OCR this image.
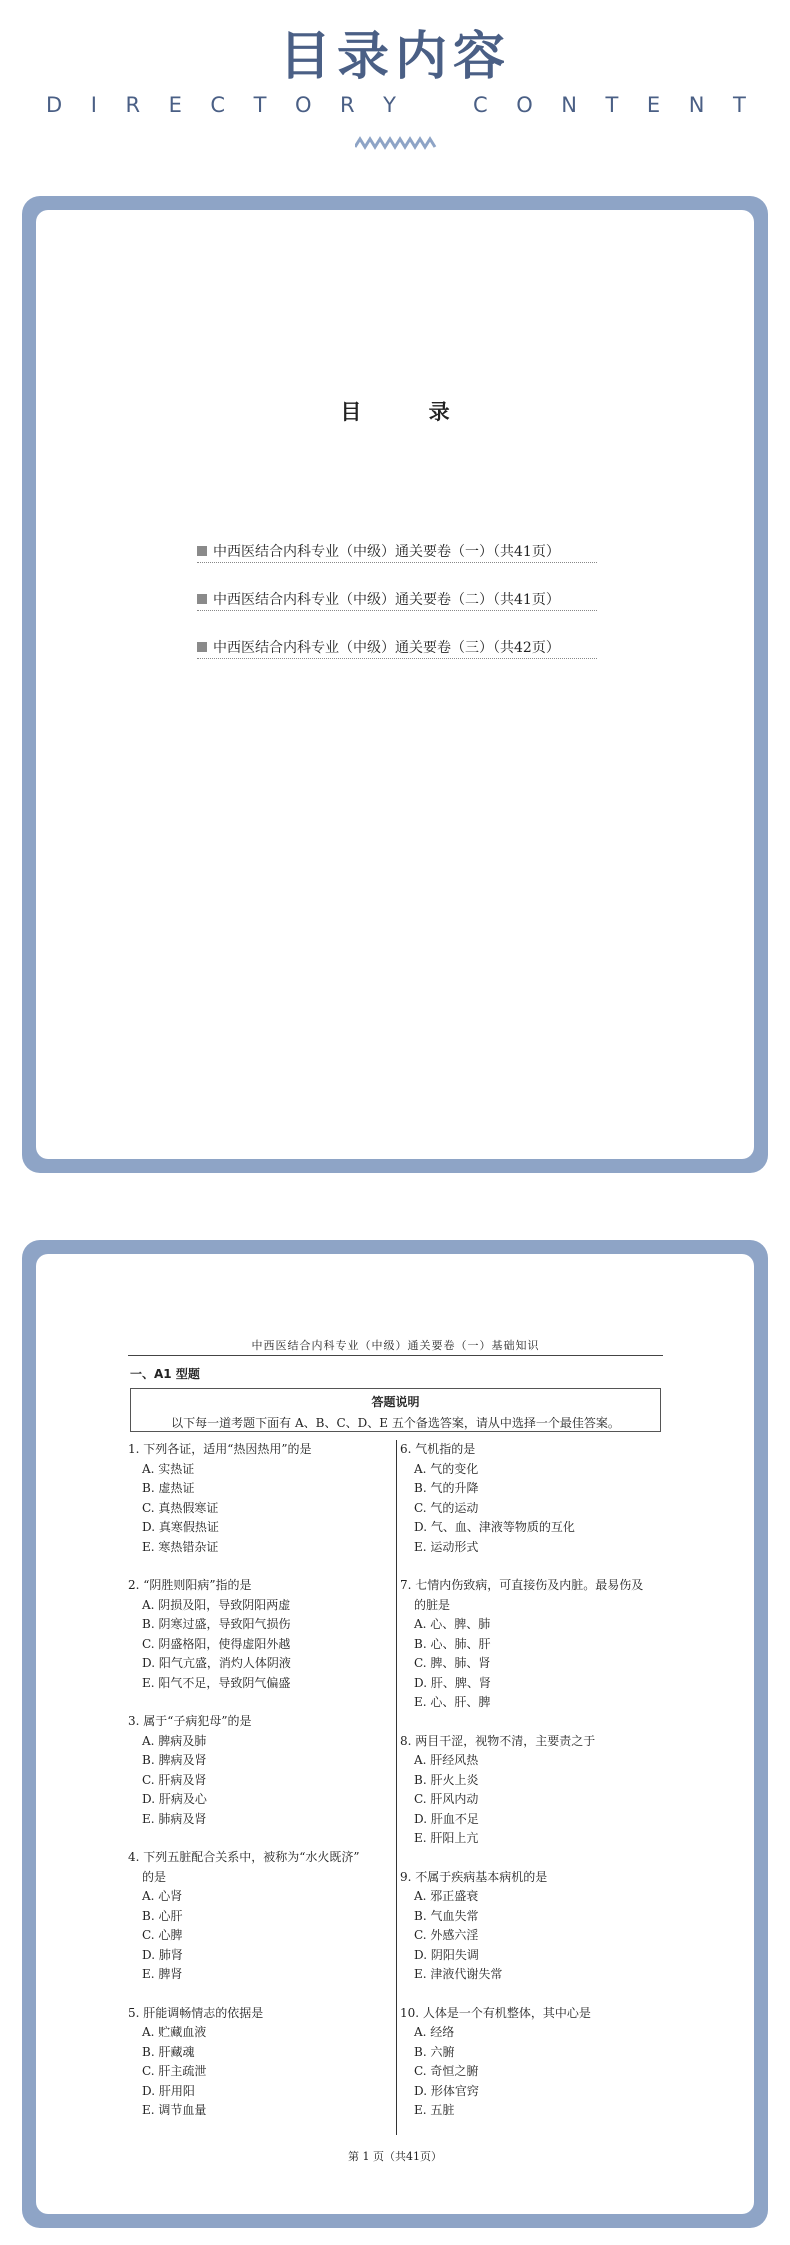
目录内容
D I R E C T O R Y	C O N T E N T
目 录
中西医结合内科专业（中级）通关要卷（一）（共41页）
中西医结合内科专业（中级）通关要卷（二）（共41页）
中西医结合内科专业（中级）通关要卷（三）（共42页）
中西医结合内科专业（中级）通关要卷（一）基础知识
一、A1 型题
答题说明
以下每一道考题下面有 A、B、C、D、E 五个备选答案，请从中选择一个最佳答案。
1. 下列各证，适用“热因热用”的是
A. 实热证
B. 虚热证
C. 真热假寒证
D. 真寒假热证
E. 寒热错杂证
2. “阴胜则阳病”指的是
A. 阴损及阳，导致阴阳两虚
B. 阴寒过盛，导致阳气损伤
C. 阴盛格阳，使得虚阳外越
D. 阳气亢盛，消灼人体阴液
E. 阳气不足，导致阴气偏盛
3. 属于“子病犯母”的是
A. 脾病及肺
B. 脾病及肾
C. 肝病及肾
D. 肝病及心
E. 肺病及肾
4. 下列五脏配合关系中，被称为“水火既济”
的是
A. 心肾
B. 心肝
C. 心脾
D. 肺肾
E. 脾肾
5. 肝能调畅情志的依据是
A. 贮藏血液
B. 肝藏魂
C. 肝主疏泄
D. 肝用阳
E. 调节血量
6. 气机指的是
A. 气的变化
B. 气的升降
C. 气的运动
D. 气、血、津液等物质的互化
E. 运动形式
7. 七情内伤致病，可直接伤及内脏。最易伤及
的脏是
A. 心、脾、肺
B. 心、肺、肝
C. 脾、肺、肾
D. 肝、脾、肾
E. 心、肝、脾
8. 两目干涩，视物不清，主要责之于
A. 肝经风热
B. 肝火上炎
C. 肝风内动
D. 肝血不足
E. 肝阳上亢
9. 不属于疾病基本病机的是
A. 邪正盛衰
B. 气血失常
C. 外感六淫
D. 阴阳失调
E. 津液代谢失常
10. 人体是一个有机整体，其中心是
A. 经络
B. 六腑
C. 奇恒之腑
D. 形体官窍
E. 五脏
第 1 页（共41页）
